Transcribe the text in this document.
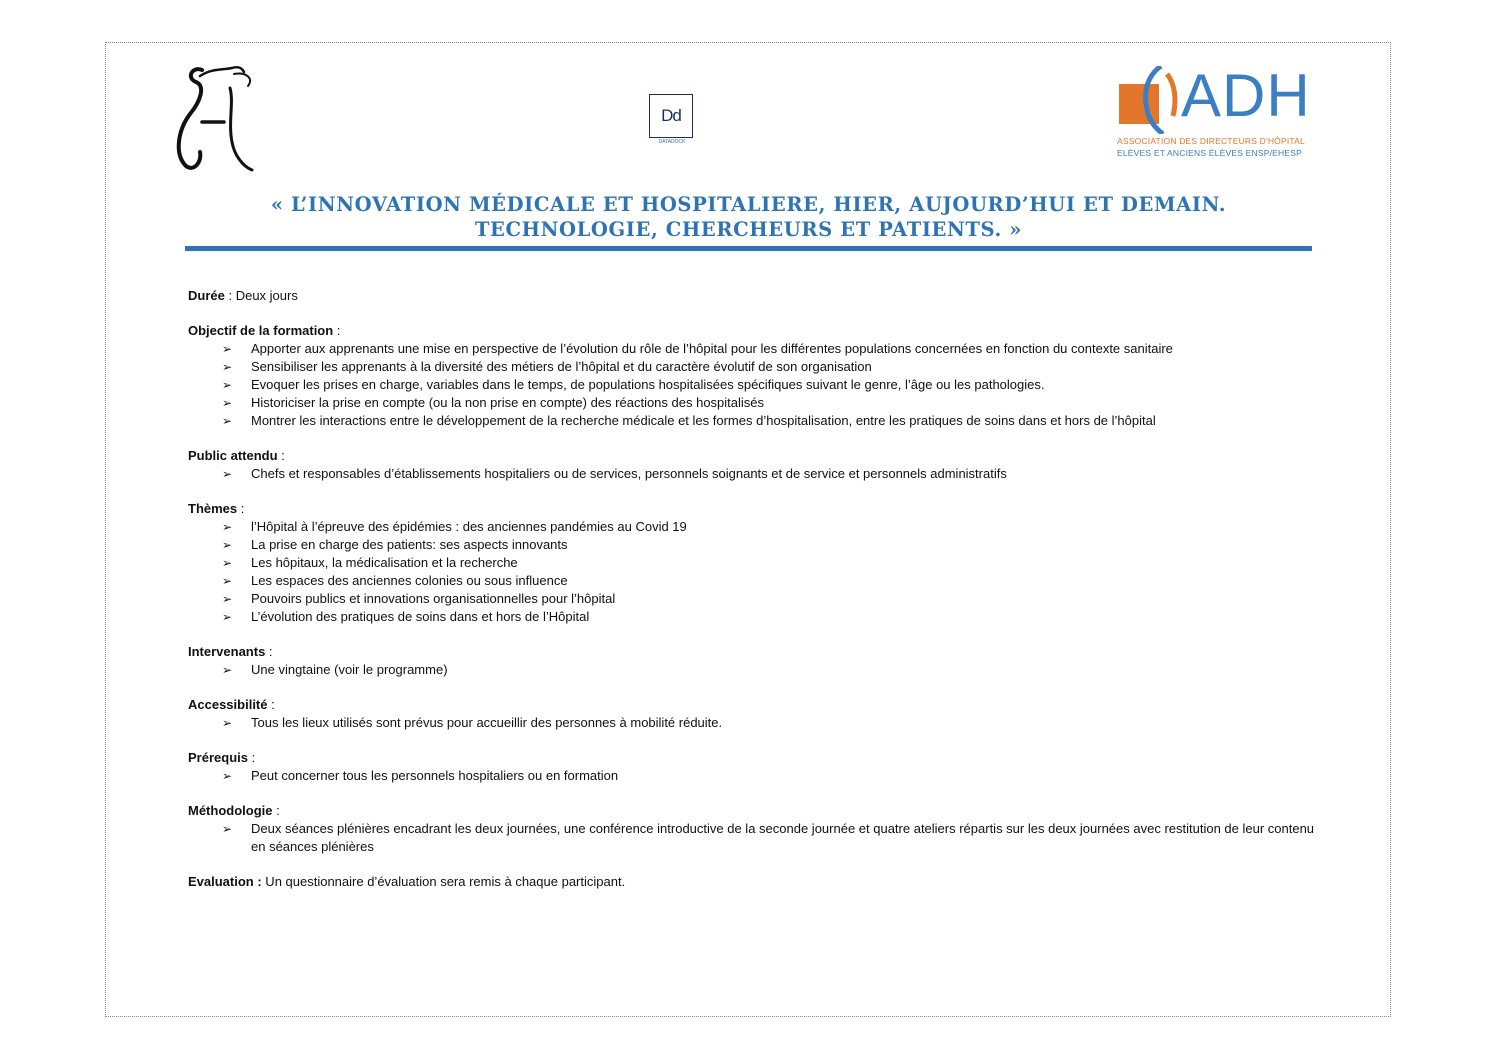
Dd
DATADOCK
ADH
ASSOCIATION DES DIRECTEURS D'HÔPITAL
ELÈVES ET ANCIENS ÉLÈVES ENSP/EHESP
« L’INNOVATION MÉDICALE ET HOSPITALIERE, HIER, AUJOURD’HUI ET DEMAIN.
TECHNOLOGIE, CHERCHEURS ET PATIENTS. »
Durée : Deux jours
Objectif de la formation :
➢ Apporter aux apprenants une mise en perspective de l’évolution du rôle de l’hôpital pour les différentes populations concernées en fonction du contexte sanitaire
➢ Sensibiliser les apprenants à la diversité des métiers de l’hôpital et du caractère évolutif de son organisation
➢ Evoquer les prises en charge, variables dans le temps, de populations hospitalisées spécifiques suivant le genre, l’âge ou les pathologies.
➢ Historiciser la prise en compte (ou la non prise en compte) des réactions des hospitalisés
➢ Montrer les interactions entre le développement de la recherche médicale et les formes d’hospitalisation, entre les pratiques de soins dans et hors de l’hôpital
Public attendu :
➢ Chefs et responsables d’établissements hospitaliers ou de services, personnels soignants et de service et personnels administratifs
Thèmes :
➢ l’Hôpital à l’épreuve des épidémies : des anciennes pandémies au Covid 19
➢ La prise en charge des patients: ses aspects innovants
➢ Les hôpitaux, la médicalisation et la recherche
➢ Les espaces des anciennes colonies ou sous influence
➢ Pouvoirs publics et innovations organisationnelles pour l’hôpital
➢ L’évolution des pratiques de soins dans et hors de l’Hôpital
Intervenants :
➢ Une vingtaine (voir le programme)
Accessibilité :
➢ Tous les lieux utilisés sont prévus pour accueillir des personnes à mobilité réduite.
Prérequis :
➢ Peut concerner tous les personnels hospitaliers ou en formation
Méthodologie :
➢ Deux séances plénières encadrant les deux journées, une conférence introductive de la seconde journée et quatre ateliers répartis sur les deux journées avec restitution de leur contenu en séances plénières
Evaluation : Un questionnaire d’évaluation sera remis à chaque participant.
